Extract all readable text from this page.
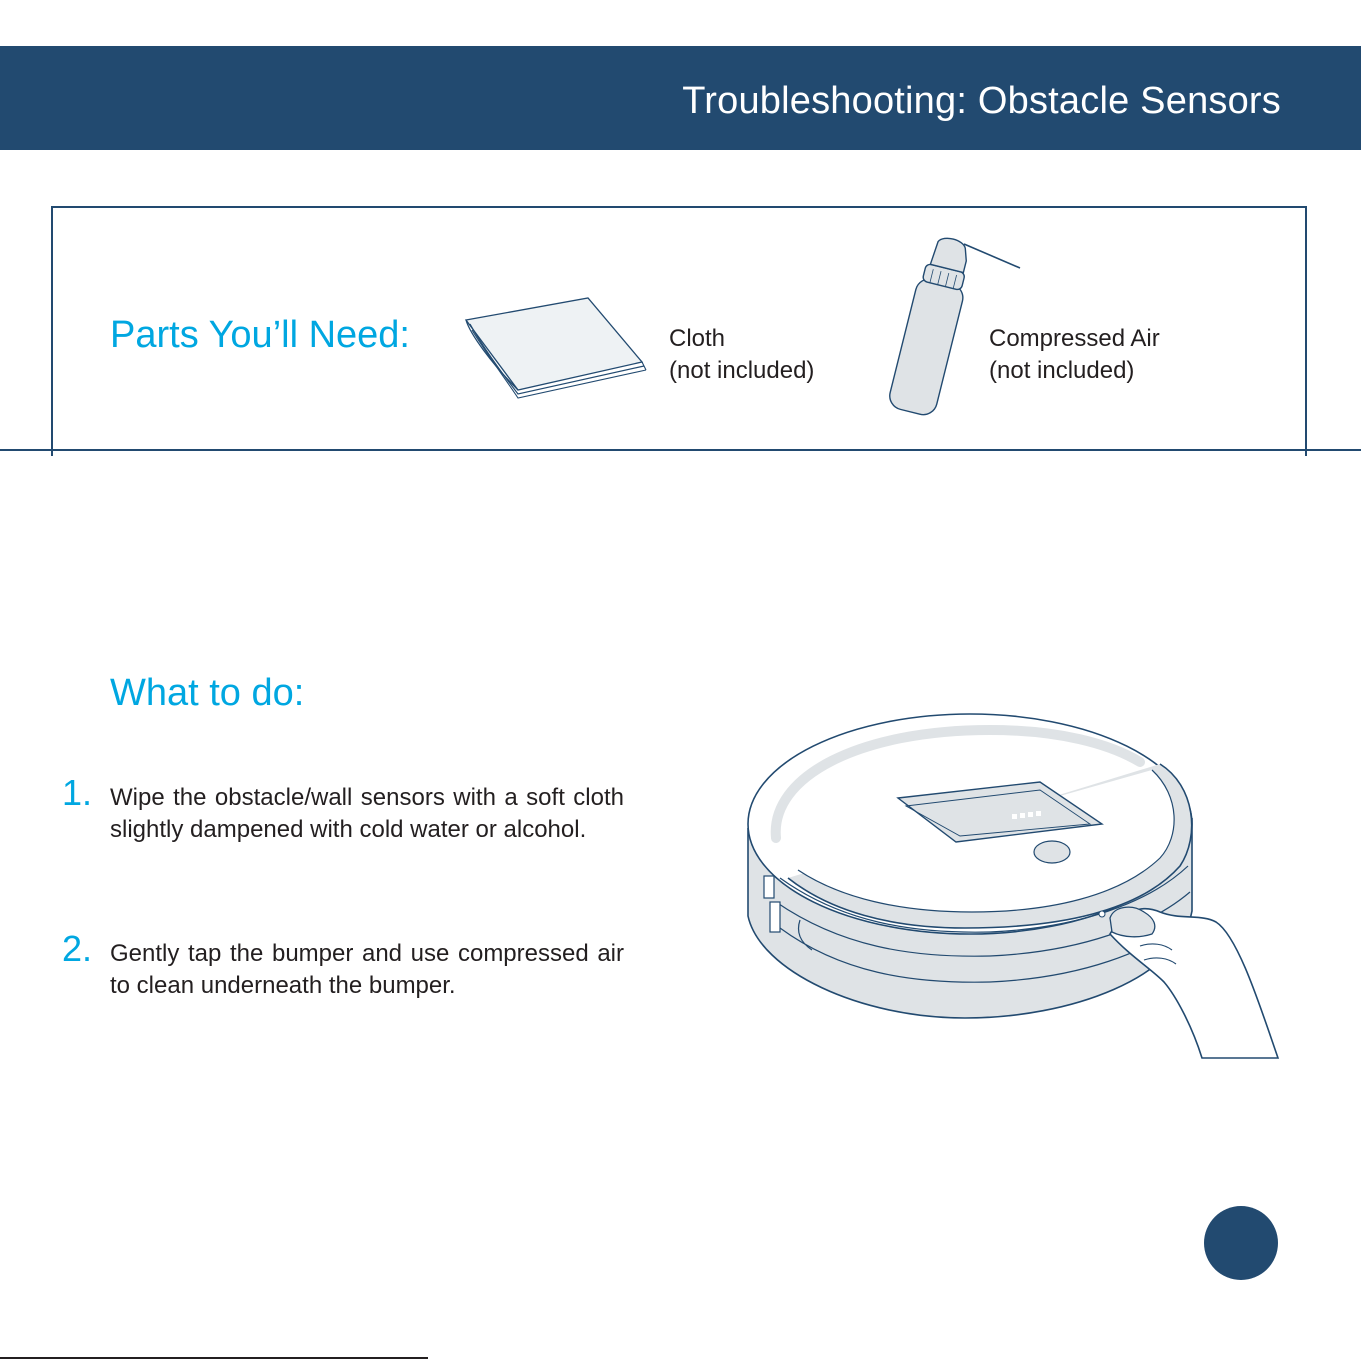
Troubleshooting: Obstacle Sensors
Parts You’ll Need:	Cloth
(not included)
Compressed Air
(not included)
What to do:
1. Wipe the obstacle/wall sensors with a soft cloth slightly dampened with cold water or alcohol.
2. Gently tap the bumper and use compressed air to clean underneath the bumper.
